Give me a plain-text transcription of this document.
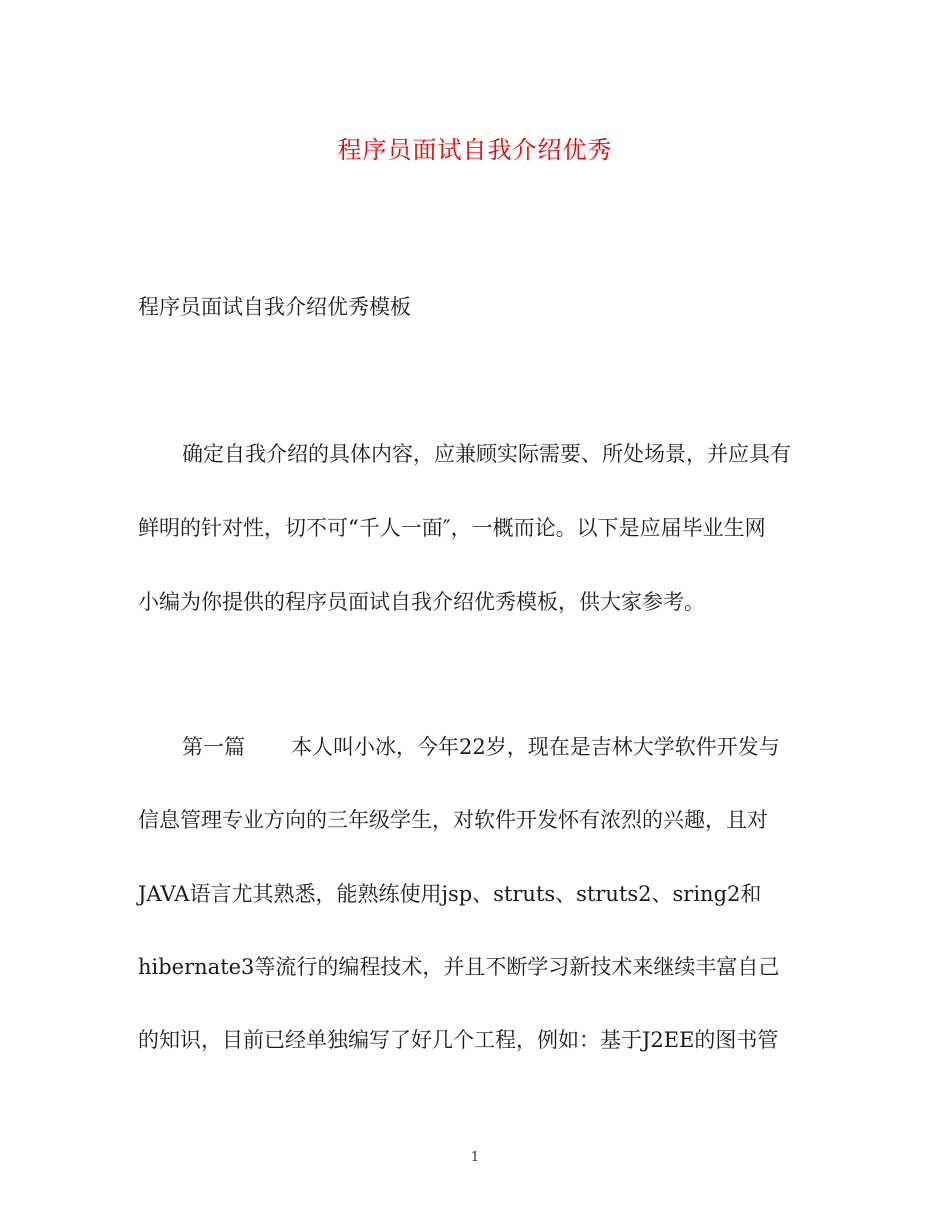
程序员面试自我介绍优秀
程序员面试自我介绍优秀模板
确定自我介绍的具体内容，应兼顾实际需要、所处场景，并应具有
鲜明的针对性，切不可“千人一面″，一概而论。以下是应届毕业生网
小编为你提供的程序员面试自我介绍优秀模板，供大家参考。
第一篇 本人叫小冰，今年22岁，现在是吉林大学软件开发与
信息管理专业方向的三年级学生，对软件开发怀有浓烈的兴趣，且对
JAVA语言尤其熟悉，能熟练使用jsp、struts、struts2、sring2和
hibernate3等流行的编程技术，并且不断学习新技术来继续丰富自己
的知识，目前已经单独编写了好几个工程，例如：基于J2EE的图书管
1
